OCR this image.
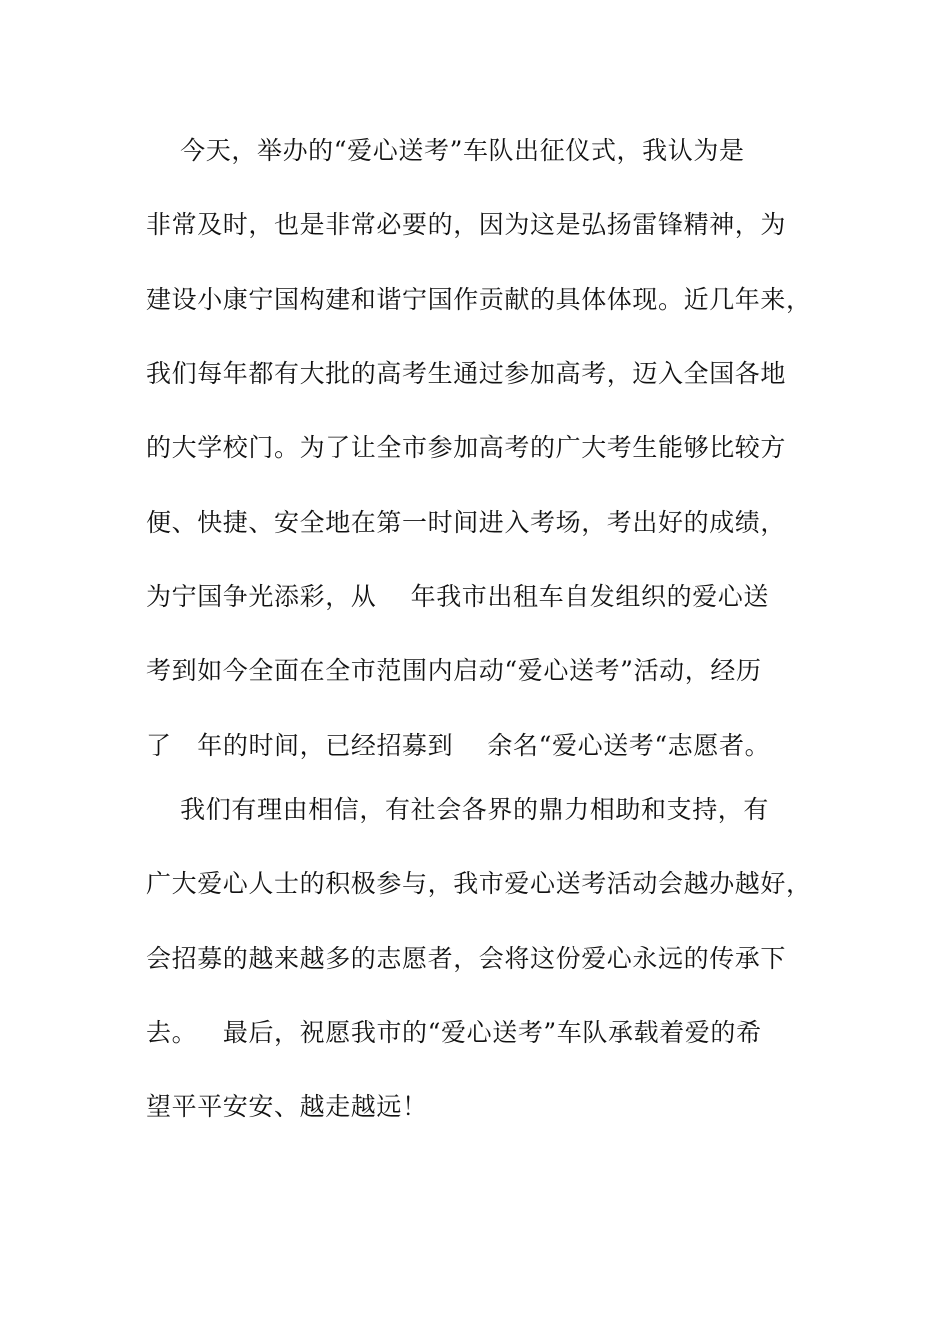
今天，举办的“爱心送考”车队出征仪式，我认为是

非常及时，也是非常必要的，因为这是弘扬雷锋精神，为

建设小康宁国构建和谐宁国作贡献的具体体现。近几年来，

我们每年都有大批的高考生通过参加高考，迈入全国各地

的大学校门。为了让全市参加高考的广大考生能够比较方

便、快捷、安全地在第一时间进入考场，考出好的成绩，

为宁国争光添彩，从    年我市出租车自发组织的爱心送

考到如今全面在全市范围内启动“爱心送考”活动，经历

了   年的时间，已经招募到    余名“爱心送考“志愿者。

我们有理由相信，有社会各界的鼎力相助和支持，有

广大爱心人士的积极参与，我市爱心送考活动会越办越好，

会招募的越来越多的志愿者，会将这份爱心永远的传承下

去。   最后，祝愿我市的“爱心送考”车队承载着爱的希

望平平安安、越走越远！
